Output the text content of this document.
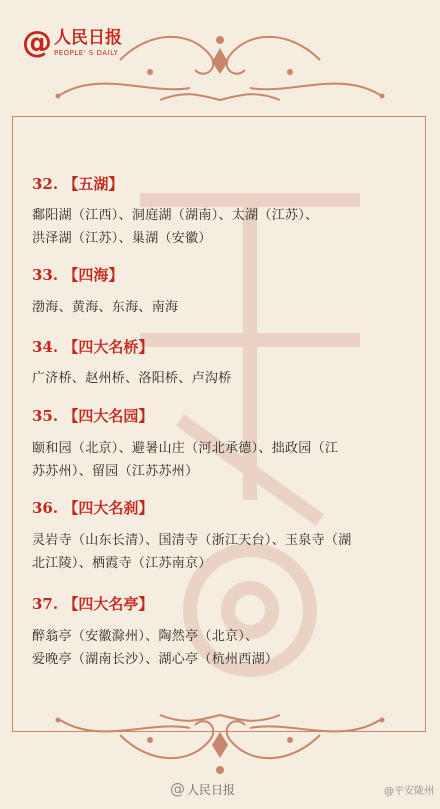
@ 人民日报
PEOPLE' S DAILY
32. 【五湖】
鄱阳湖（江西）、洞庭湖（湖南）、太湖（江苏）、
洪泽湖（江苏）、巢湖（安徽）
33. 【四海】
渤海、黄海、东海、南海
34. 【四大名桥】
广济桥、赵州桥、洛阳桥、卢沟桥
35. 【四大名园】
颐和园（北京）、避暑山庄（河北承德）、拙政园（江
苏苏州）、留园（江苏苏州）
36. 【四大名刹】
灵岩寺（山东长清）、国清寺（浙江天台）、玉泉寺（湖
北江陵）、栖霞寺（江苏南京）
37. 【四大名亭】
醉翁亭（安徽滁州）、陶然亭（北京）、
爱晚亭（湖南长沙）、湖心亭（杭州西湖）
@ 人民日报	@平安陇州
